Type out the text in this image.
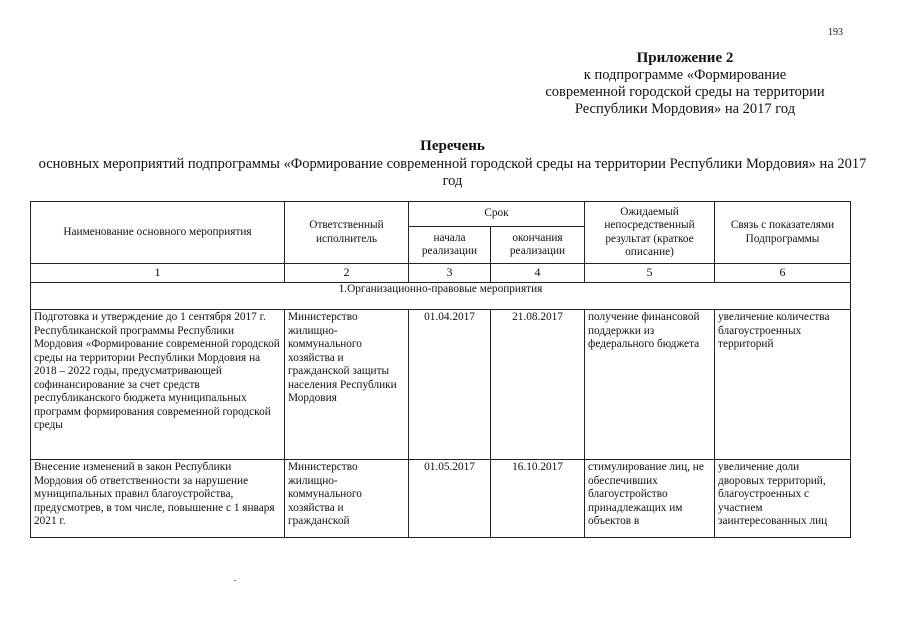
193
Приложение 2
к подпрограмме «Формирование
современной городской среды на территории
Республики Мордовия» на 2017 год
Перечень
основных мероприятий подпрограммы «Формирование современной городской среды на территории Республики Мордовия» на 2017 год
Наименование основного мероприятия	Ответственный исполнитель	Срок		Ожидаемый непосредственный результат (краткое описание)	Связь с показателями Подпрограммы
		начала реализации	окончания реализации		
1	2	3	4	5	6
1.Организационно-правовые мероприятия					
Подготовка и утверждение до 1 сентября 2017 г. Республиканской программы Республики Мордовия «Формирование современной городской среды на территории Республики Мордовия на 2018 – 2022 годы, предусматривающей софинансирование за счет средств республиканского бюджета муниципальных программ формирования современной городской среды	Министерство жилищно-коммунального хозяйства и гражданской защиты населения Республики Мордовия	01.04.2017	21.08.2017	получение финансовой поддержки из федерального бюджета	увеличение количества благоустроенных территорий

Внесение изменений в закон Республики Мордовия об ответственности за нарушение муниципальных правил благоустройства, предусмотрев, в том числе, повышение с 1 января 2021 г.	Министерство жилищно-коммунального хозяйства и гражданской	01.05.2017	16.10.2017	стимулирование лиц, не обеспечивших благоустройство принадлежащих им объектов в	увеличение доли дворовых территорий, благоустроенных с участием заинтересованных лиц
